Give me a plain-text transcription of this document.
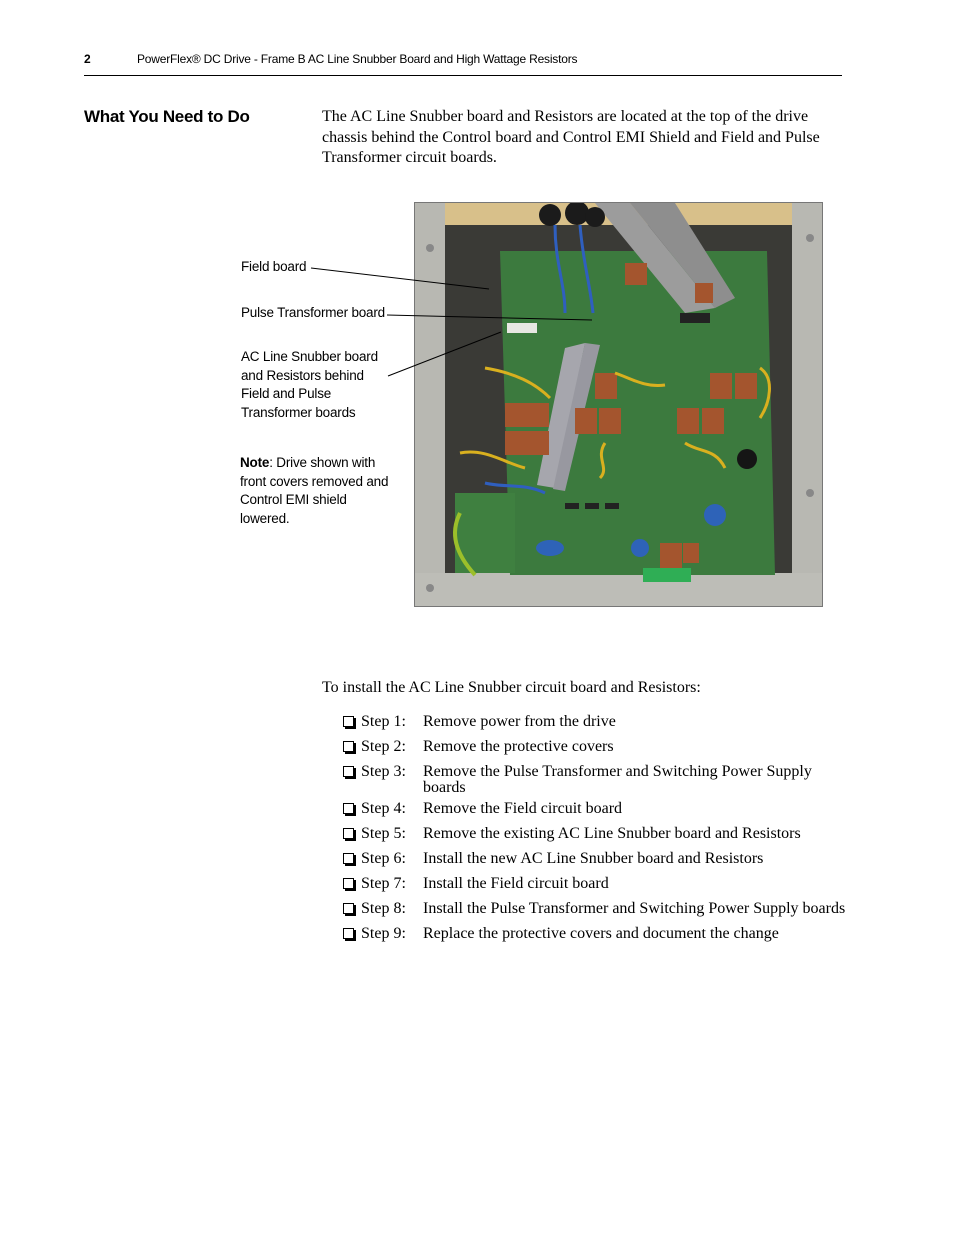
2	PowerFlex® DC Drive - Frame B AC Line Snubber Board and High Wattage Resistors
What You Need to Do	The AC Line Snubber board and Resistors are located at the top of the drive chassis behind the Control board and Control EMI Shield and Field and Pulse Transformer circuit boards.
Field board
Pulse Transformer board
AC Line Snubber board
and Resistors behind
Field and Pulse
Transformer boards
Note: Drive shown with
front covers removed and
Control EMI shield
lowered.
To install the AC Line Snubber circuit board and Resistors:
Step 1: Remove power from the drive
Step 2: Remove the protective covers
Step 3: Remove the Pulse Transformer and Switching Power Supply boards
Step 4: Remove the Field circuit board
Step 5: Remove the existing AC Line Snubber board and Resistors
Step 6: Install the new AC Line Snubber board and Resistors
Step 7: Install the Field circuit board
Step 8: Install the Pulse Transformer and Switching Power Supply boards
Step 9: Replace the protective covers and document the change
